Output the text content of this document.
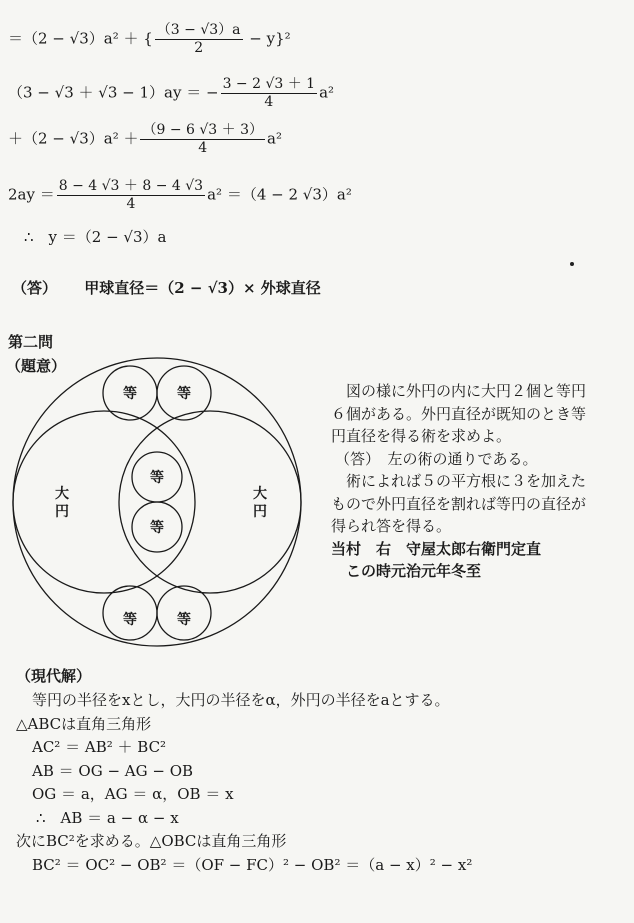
＝（2 − √3）a² ＋ { $\frac{(3 - √3)a}{2} - y\}^2$
（3 − √3 ＋ √3 − 1）ay ＝ − $\frac{3 - 2 √3 + 1}{4} a^2$
$+(2 - √3)a^2 + \frac{(9 - 6 √3 + 3)}{4} a^2$
$2ay = \frac{8 - 4 √3 + 8 - 4 √3}{4} a^2 =(4 - 2$ √3）a²
∴　y ＝（2 − √3）a
（答） 甲球直径＝（2 − √3）× 外球直径
第二問
（題意）
等	等
等
等
等	等
大
円
大
円
図の様に外円の内に大円２個と等円
６個がある。外円直径が既知のとき等
円直径を得る術を求めよ。
（答）　左の術の通りである。
術によれば５の平方根に３を加えた
もので外円直径を割れば等円の直径が
得られ答を得る。
当村　右　守屋太郎右衛門定直
この時元治元年冬至
（現代解）
等円の半径をxとし，大円の半径をα，外円の半径をaとする。
△ABCは直角三角形
AC² ＝ AB² ＋ BC²
AB ＝ OG − AG − OB
OG ＝ a，AG ＝ α，OB ＝ x
∴　AB ＝ a − α − x
次にBC²を求める。△OBCは直角三角形
BC² ＝ OC² − OB² ＝（OF − FC）² − OB² ＝（a − x）² − x²
